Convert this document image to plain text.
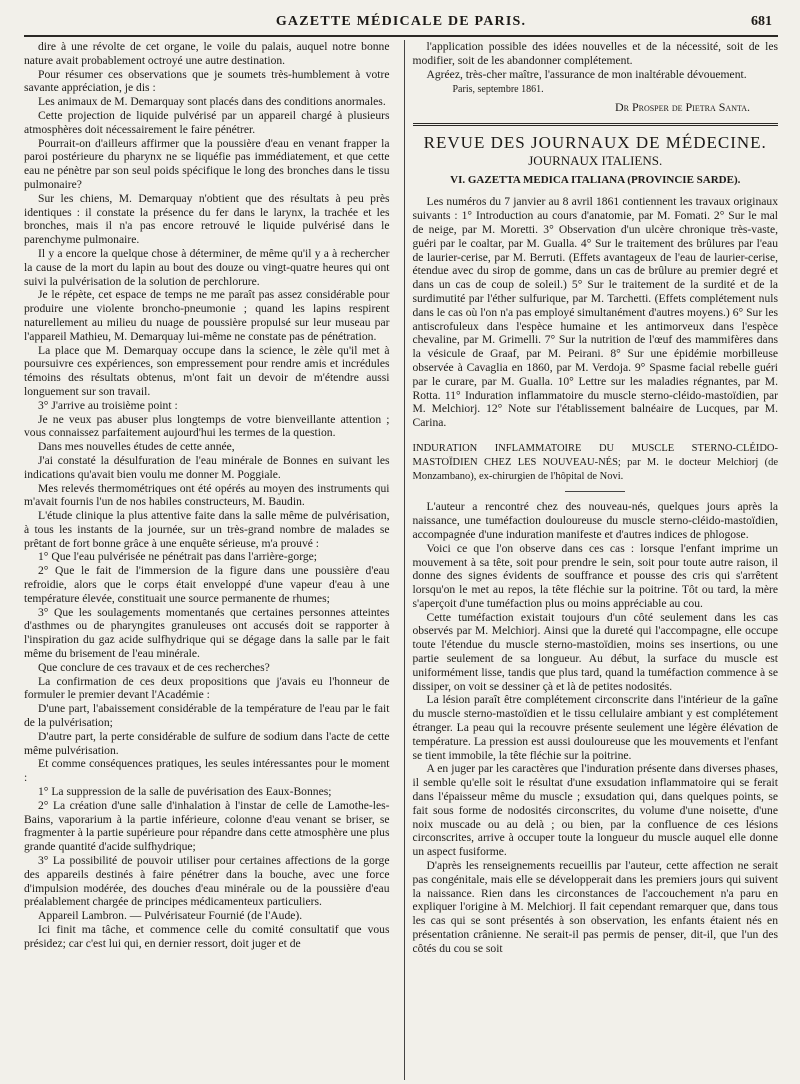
GAZETTE MÉDICALE DE PARIS.	681

dire à une révolte de cet organe, le voile du palais, auquel notre bonne nature avait probablement octroyé une autre destination.

Pour résumer ces observations que je soumets très-humblement à votre savante appréciation, je dis :

Les animaux de M. Demarquay sont placés dans des conditions anormales.

Cette projection de liquide pulvérisé par un appareil chargé à plusieurs atmosphères doit nécessairement le faire pénétrer.

Pourrait-on d'ailleurs affirmer que la poussière d'eau en venant frapper la paroi postérieure du pharynx ne se liquéfie pas immédiatement, et que cette eau ne pénètre par son seul poids spécifique le long des bronches dans le tissu pulmonaire?

Sur les chiens, M. Demarquay n'obtient que des résultats à peu près identiques : il constate la présence du fer dans le larynx, la trachée et les bronches, mais il n'a pas encore retrouvé le liquide pulvérisé dans le parenchyme pulmonaire.

Il y a encore la quelque chose à déterminer, de même qu'il y a à rechercher la cause de la mort du lapin au bout des douze ou vingt-quatre heures qui ont suivi la pulvérisation de la solution de perchlorure.

Je le répète, cet espace de temps ne me paraît pas assez considérable pour produire une violente broncho-pneumonie ; quand les lapins respirent naturellement au milieu du nuage de poussière propulsé sur leur museau par l'appareil Mathieu, M. Demarquay lui-même ne constate pas de pénétration.

La place que M. Demarquay occupe dans la science, le zèle qu'il met à poursuivre ces expériences, son empressement pour rendre amis et incrédules témoins des résultats obtenus, m'ont fait un devoir de m'étendre aussi longuement sur son travail.

3° J'arrive au troisième point :

Je ne veux pas abuser plus longtemps de votre bienveillante attention ; vous connaissez parfaitement aujourd'hui les termes de la question.

Dans mes nouvelles études de cette année,

J'ai constaté la désulfuration de l'eau minérale de Bonnes en suivant les indications qu'avait bien voulu me donner M. Poggiale.

Mes relevés thermométriques ont été opérés au moyen des instruments qui m'avait fournis l'un de nos habiles constructeurs, M. Baudin.

L'étude clinique la plus attentive faite dans la salle même de pulvérisation, à tous les instants de la journée, sur un très-grand nombre de malades se prêtant de fort bonne grâce à une enquête sérieuse, m'a prouvé :

1° Que l'eau pulvérisée ne pénétrait pas dans l'arrière-gorge;

2° Que le fait de l'immersion de la figure dans une poussière d'eau refroidie, alors que le corps était enveloppé d'une vapeur d'eau à une température élevée, constituait une source permanente de rhumes;

3° Que les soulagements momentanés que certaines personnes atteintes d'asthmes ou de pharyngites granuleuses ont accusés doit se rapporter à l'inspiration du gaz acide sulfhydrique qui se dégage dans la salle par le fait même du brisement de l'eau minérale.

Que conclure de ces travaux et de ces recherches?

La confirmation de ces deux propositions que j'avais eu l'honneur de formuler le premier devant l'Académie :

D'une part, l'abaissement considérable de la température de l'eau par le fait de la pulvérisation;

D'autre part, la perte considérable de sulfure de sodium dans l'acte de cette même pulvérisation.

Et comme conséquences pratiques, les seules intéressantes pour le moment :

1° La suppression de la salle de puvérisation des Eaux-Bonnes;

2° La création d'une salle d'inhalation à l'instar de celle de Lamothe-les-Bains, vaporarium à la partie inférieure, colonne d'eau venant se briser, se fragmenter à la partie supérieure pour répandre dans cette atmosphère une plus grande quantité d'acide sulfhydrique;

3° La possibilité de pouvoir utiliser pour certaines affections de la gorge des appareils destinés à faire pénétrer dans la bouche, avec une force d'impulsion modérée, des douches d'eau minérale ou de la poussière d'eau préalablement chargée de principes médicamenteux particuliers.

Appareil Lambron. — Pulvérisateur Fournié (de l'Aude).

Ici finit ma tâche, et commence celle du comité consultatif que vous présidez; car c'est lui qui, en dernier ressort, doit juger et de

l'application possible des idées nouvelles et de la nécessité, soit de les modifier, soit de les abandonner complétement.

Agréez, très-cher maître, l'assurance de mon inaltérable dévouement.

Paris, septembre 1861.
Dr Prosper de Pietra Santa.
REVUE DES JOURNAUX DE MÉDECINE.
JOURNAUX ITALIENS.
VI. GAZETTA MEDICA ITALIANA (PROVINCIE SARDE).

Les numéros du 7 janvier au 8 avril 1861 contiennent les travaux originaux suivants : 1° Introduction au cours d'anatomie, par M. Fomati. 2° Sur le mal de neige, par M. Moretti. 3° Observation d'un ulcère chronique très-vaste, guéri par le coaltar, par M. Gualla. 4° Sur le traitement des brûlures par l'eau de laurier-cerise, par M. Berruti. (Effets avantageux de l'eau de laurier-cerise, étendue avec du sirop de gomme, dans un cas de brûlure au premier degré et dans un cas de coup de soleil.) 5° Sur le traitement de la surdité et de la surdimutité par l'éther sulfurique, par M. Tarchetti. (Effets complétement nuls dans le cas où l'on n'a pas employé simultanément d'autres moyens.) 6° Sur les antiscrofuleux dans l'espèce humaine et les antimorveux dans l'espèce chevaline, par M. Grimelli. 7° Sur la nutrition de l'œuf des mammifères dans la vésicule de Graaf, par M. Peirani. 8° Sur une épidémie morbilleuse observée à Cavaglia en 1860, par M. Verdoja. 9° Spasme facial rebelle guéri par le curare, par M. Gualla. 10° Lettre sur les maladies régnantes, par M. Rotta. 11° Induration inflammatoire du muscle sterno-cléido-mastoïdien, par M. Melchiorj. 12° Note sur l'établissement balnéaire de Lucques, par M. Carina.

INDURATION INFLAMMATOIRE DU MUSCLE STERNO-CLÉIDO-MASTOÏDIEN CHEZ LES NOUVEAU-NÉS; par M. le docteur Melchiorj (de Monzambano), ex-chirurgien de l'hôpital de Novi.

L'auteur a rencontré chez des nouveau-nés, quelques jours après la naissance, une tuméfaction douloureuse du muscle sterno-cléido-mastoïdien, accompagnée d'une induration manifeste et d'autres indices de phlogose.

Voici ce que l'on observe dans ces cas : lorsque l'enfant imprime un mouvement à sa tête, soit pour prendre le sein, soit pour toute autre raison, il donne des signes évidents de souffrance et pousse des cris qui s'arrêtent lorsqu'on le met au repos, la tête fléchie sur la poitrine. Tôt ou tard, la mère s'aperçoit d'une tuméfaction plus ou moins appréciable au cou.

Cette tuméfaction existait toujours d'un côté seulement dans les cas observés par M. Melchiorj. Ainsi que la dureté qui l'accompagne, elle occupe toute l'étendue du muscle sterno-mastoïdien, moins ses insertions, ou une partie seulement de sa longueur. Au début, la surface du muscle est uniformément lisse, tandis que plus tard, quand la tuméfaction commence à se dissiper, on voit se dessiner çà et là de petites nodosités.

La lésion paraît être complétement circonscrite dans l'intérieur de la gaîne du muscle sterno-mastoïdien et le tissu cellulaire ambiant y est complétement étranger. La peau qui la recouvre présente seulement une légère élévation de température. La pression est aussi douloureuse que les mouvements et l'enfant se tient immobile, la tête fléchie sur la poitrine.

A en juger par les caractères que l'induration présente dans diverses phases, il semble qu'elle soit le résultat d'une exsudation inflammatoire qui se ferait dans l'épaisseur même du muscle ; exsudation qui, dans quelques points, se fait sous forme de nodosités circonscrites, du volume d'une noisette, d'une noix muscade ou au delà ; ou bien, par la confluence de ces lésions circonscrites, arrive à occuper toute la longueur du muscle auquel elle donne un aspect fusiforme.

D'après les renseignements recueillis par l'auteur, cette affection ne serait pas congénitale, mais elle se développerait dans les premiers jours qui suivent la naissance. Rien dans les circonstances de l'accouchement n'a paru en expliquer l'origine à M. Melchiorj. Il fait cependant remarquer que, dans tous les cas qui se sont présentés à son observation, les enfants étaient nés en présentation crânienne. Ne serait-il pas permis de penser, dit-il, que l'un des côtés du cou se soit
